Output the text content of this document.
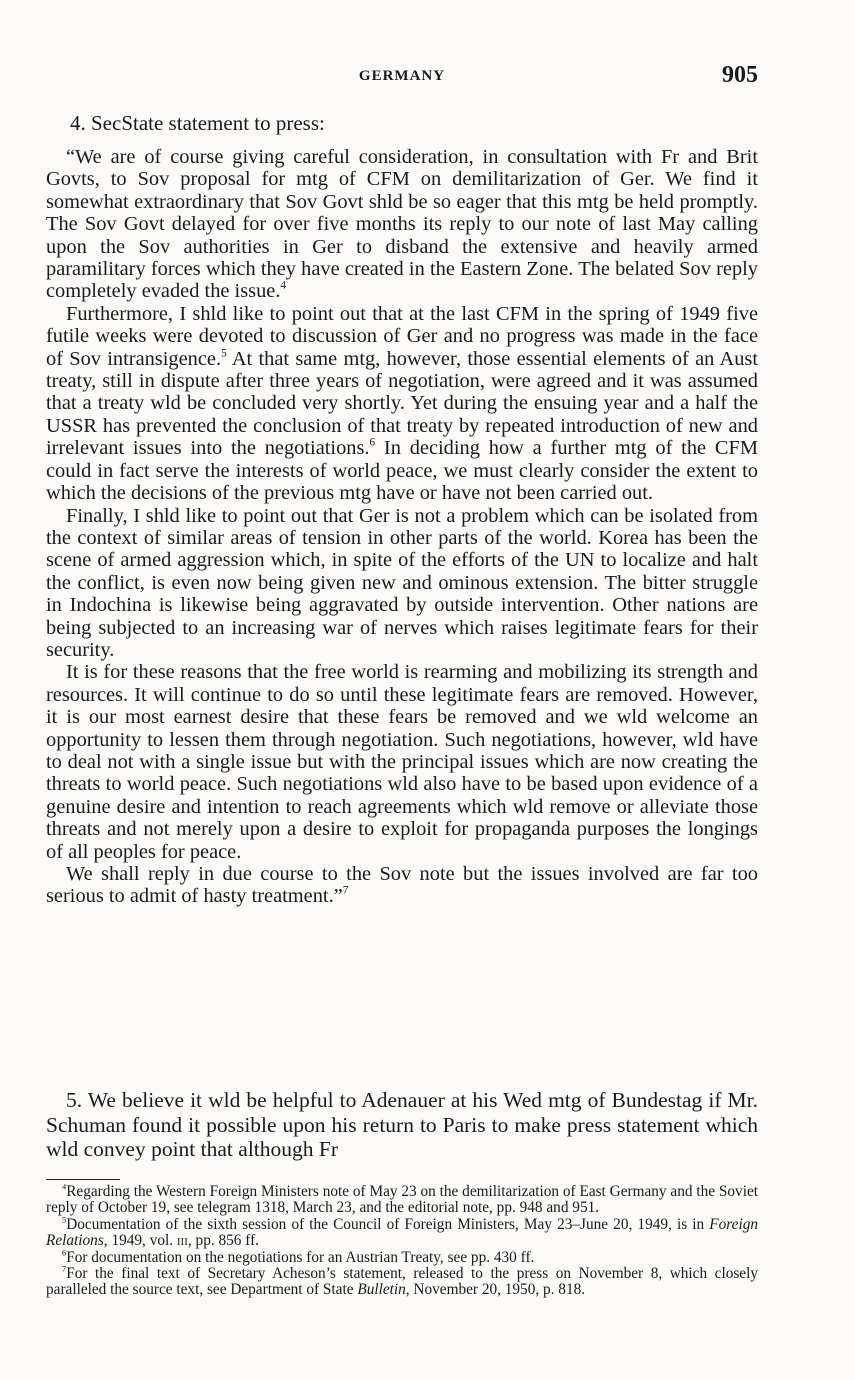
GERMANY	905
4. SecState statement to press:

“We are of course giving careful consideration, in consultation with Fr and Brit Govts, to Sov proposal for mtg of CFM on demilitarization of Ger. We find it somewhat extraordinary that Sov Govt shld be so eager that this mtg be held promptly. The Sov Govt delayed for over five months its reply to our note of last May calling upon the Sov authorities in Ger to disband the extensive and heavily armed paramilitary forces which they have created in the Eastern Zone. The belated Sov reply completely evaded the issue.$^4$

Furthermore, I shld like to point out that at the last CFM in the spring of 1949 five futile weeks were devoted to discussion of Ger and no progress was made in the face of Sov intransigence.$^5$ At that same mtg, however, those essential elements of an Aust treaty, still in dispute after three years of negotiation, were agreed and it was assumed that a treaty wld be concluded very shortly. Yet during the ensuing year and a half the USSR has prevented the conclusion of that treaty by repeated introduction of new and irrelevant issues into the negotiations.$^6$ In deciding how a further mtg of the CFM could in fact serve the interests of world peace, we must clearly consider the extent to which the decisions of the previous mtg have or have not been carried out.

Finally, I shld like to point out that Ger is not a problem which can be isolated from the context of similar areas of tension in other parts of the world. Korea has been the scene of armed aggression which, in spite of the efforts of the UN to localize and halt the conflict, is even now being given new and ominous extension. The bitter struggle in Indochina is likewise being aggravated by outside intervention. Other nations are being subjected to an increasing war of nerves which raises legitimate fears for their security.

It is for these reasons that the free world is rearming and mobilizing its strength and resources. It will continue to do so until these legitimate fears are removed. However, it is our most earnest desire that these fears be removed and we wld welcome an opportunity to lessen them through negotiation. Such negotiations, however, wld have to deal not with a single issue but with the principal issues which are now creating the threats to world peace. Such negotiations wld also have to be based upon evidence of a genuine desire and intention to reach agreements which wld remove or alleviate those threats and not merely upon a desire to exploit for propaganda purposes the longings of all peoples for peace.

We shall reply in due course to the Sov note but the issues involved are far too serious to admit of hasty treatment.”$^7$

5. We believe it wld be helpful to Adenauer at his Wed mtg of Bundestag if Mr. Schuman found it possible upon his return to Paris to make press statement which wld convey point that although Fr

$^4$Regarding the Western Foreign Ministers note of May 23 on the demilitarization of East Germany and the Soviet reply of October 19, see telegram 1318, March 23, and the editorial note, pp. 948 and 951.

$^5$Documentation of the sixth session of the Council of Foreign Ministers, May 23–June 20, 1949, is in Foreign Relations, 1949, vol. iii, pp. 856 ff.

$^6$For documentation on the negotiations for an Austrian Treaty, see pp. 430 ff.

$^7$For the final text of Secretary Acheson’s statement, released to the press on November 8, which closely paralleled the source text, see Department of State Bulletin, November 20, 1950, p. 818.
